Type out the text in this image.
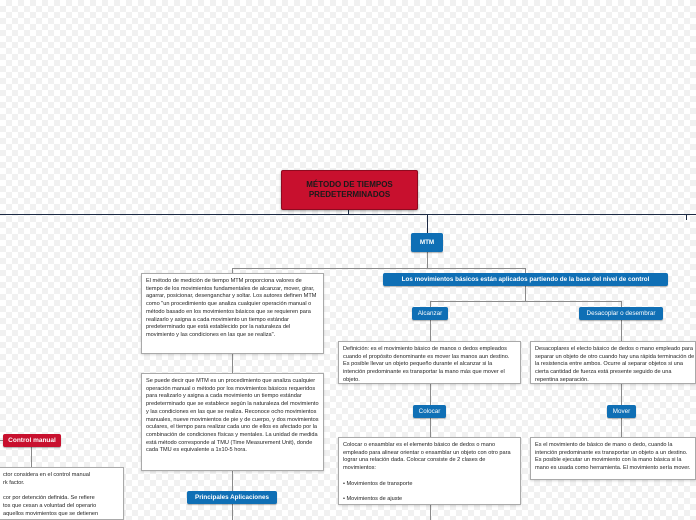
MÉTODO DE TIEMPOS
PREDETERMINADOS
MTM
Los movimientos básicos están aplicados partiendo de la base del nivel de control
Alcanzar	Desacoplar o desembrar
Colocar	Mover
Principales Aplicaciones
Control manual
El método de medición de tiempo MTM proporciona valores de tiempo de los movimientos fundamentales de alcanzar, mover, girar, agarrar, posicionar, desenganchar y soltar. Los autores definen MTM como "un procedimiento que analiza cualquier operación manual o método basado en los movimientos básicos que se requieren para realizarlo y asigna a cada movimiento un tiempo estándar predeterminado que está establecido por la naturaleza del movimiento y las condiciones en las que se realiza".
Se puede decir que MTM es un procedimiento que analiza cualquier operación manual o método por los movimientos básicos requeridos para realizarlo y asigna a cada movimiento un tiempo estándar predeterminado que se establece según la naturaleza del movimiento y las condiciones en las que se realiza. Reconoce ocho movimientos manuales, nueve movimientos de pie y de cuerpo, y dos movimientos oculares, el tiempo para realizar cada uno de ellos es afectado por la combinación de condiciones físicas y mentales. La unidad de medida está método corresponde al TMU (Time Measurement Unit), donde cada TMU es equivalente a 1x10-5 hora.
Definición: es el movimiento básico de manos o dedos empleados cuando el propósito denominante es mover las manos aun destino. Es posible llevar un objeto pequeño durante el alcanzar si la intención predominante es transportar la mano más que mover el objeto.
Desacoplares el electo básico de dedos o mano empleado para separar un objeto de otro cuando hay una rápida terminación de la resistencia entre ambos. Ocurre al separar objetos si una cierta cantidad de fuerza está presente seguido de una repentina separación.
Colocar o ensamblar es el elemento básico de dedos o mano empleado para alinear orientar o ensamblar un objeto con otro para lograr una relación dada. Colocar consiste de 2 clases de movimientos:

• Movimientos de transporte

• Movimientos de ajuste
Es el movimiento de básico de mano o dedo, cuando la intención predominante es transportar un objeto a un destino. Es posible ejecutar un movimiento con la mano básica si la mano es usada como herramienta. El movimiento sería mover.
ctor considera en el control manual
rk factor.

cor por detención definida. Se refiere
tos que cesan a voluntad del operario
aquellos movimientos que se detienen
